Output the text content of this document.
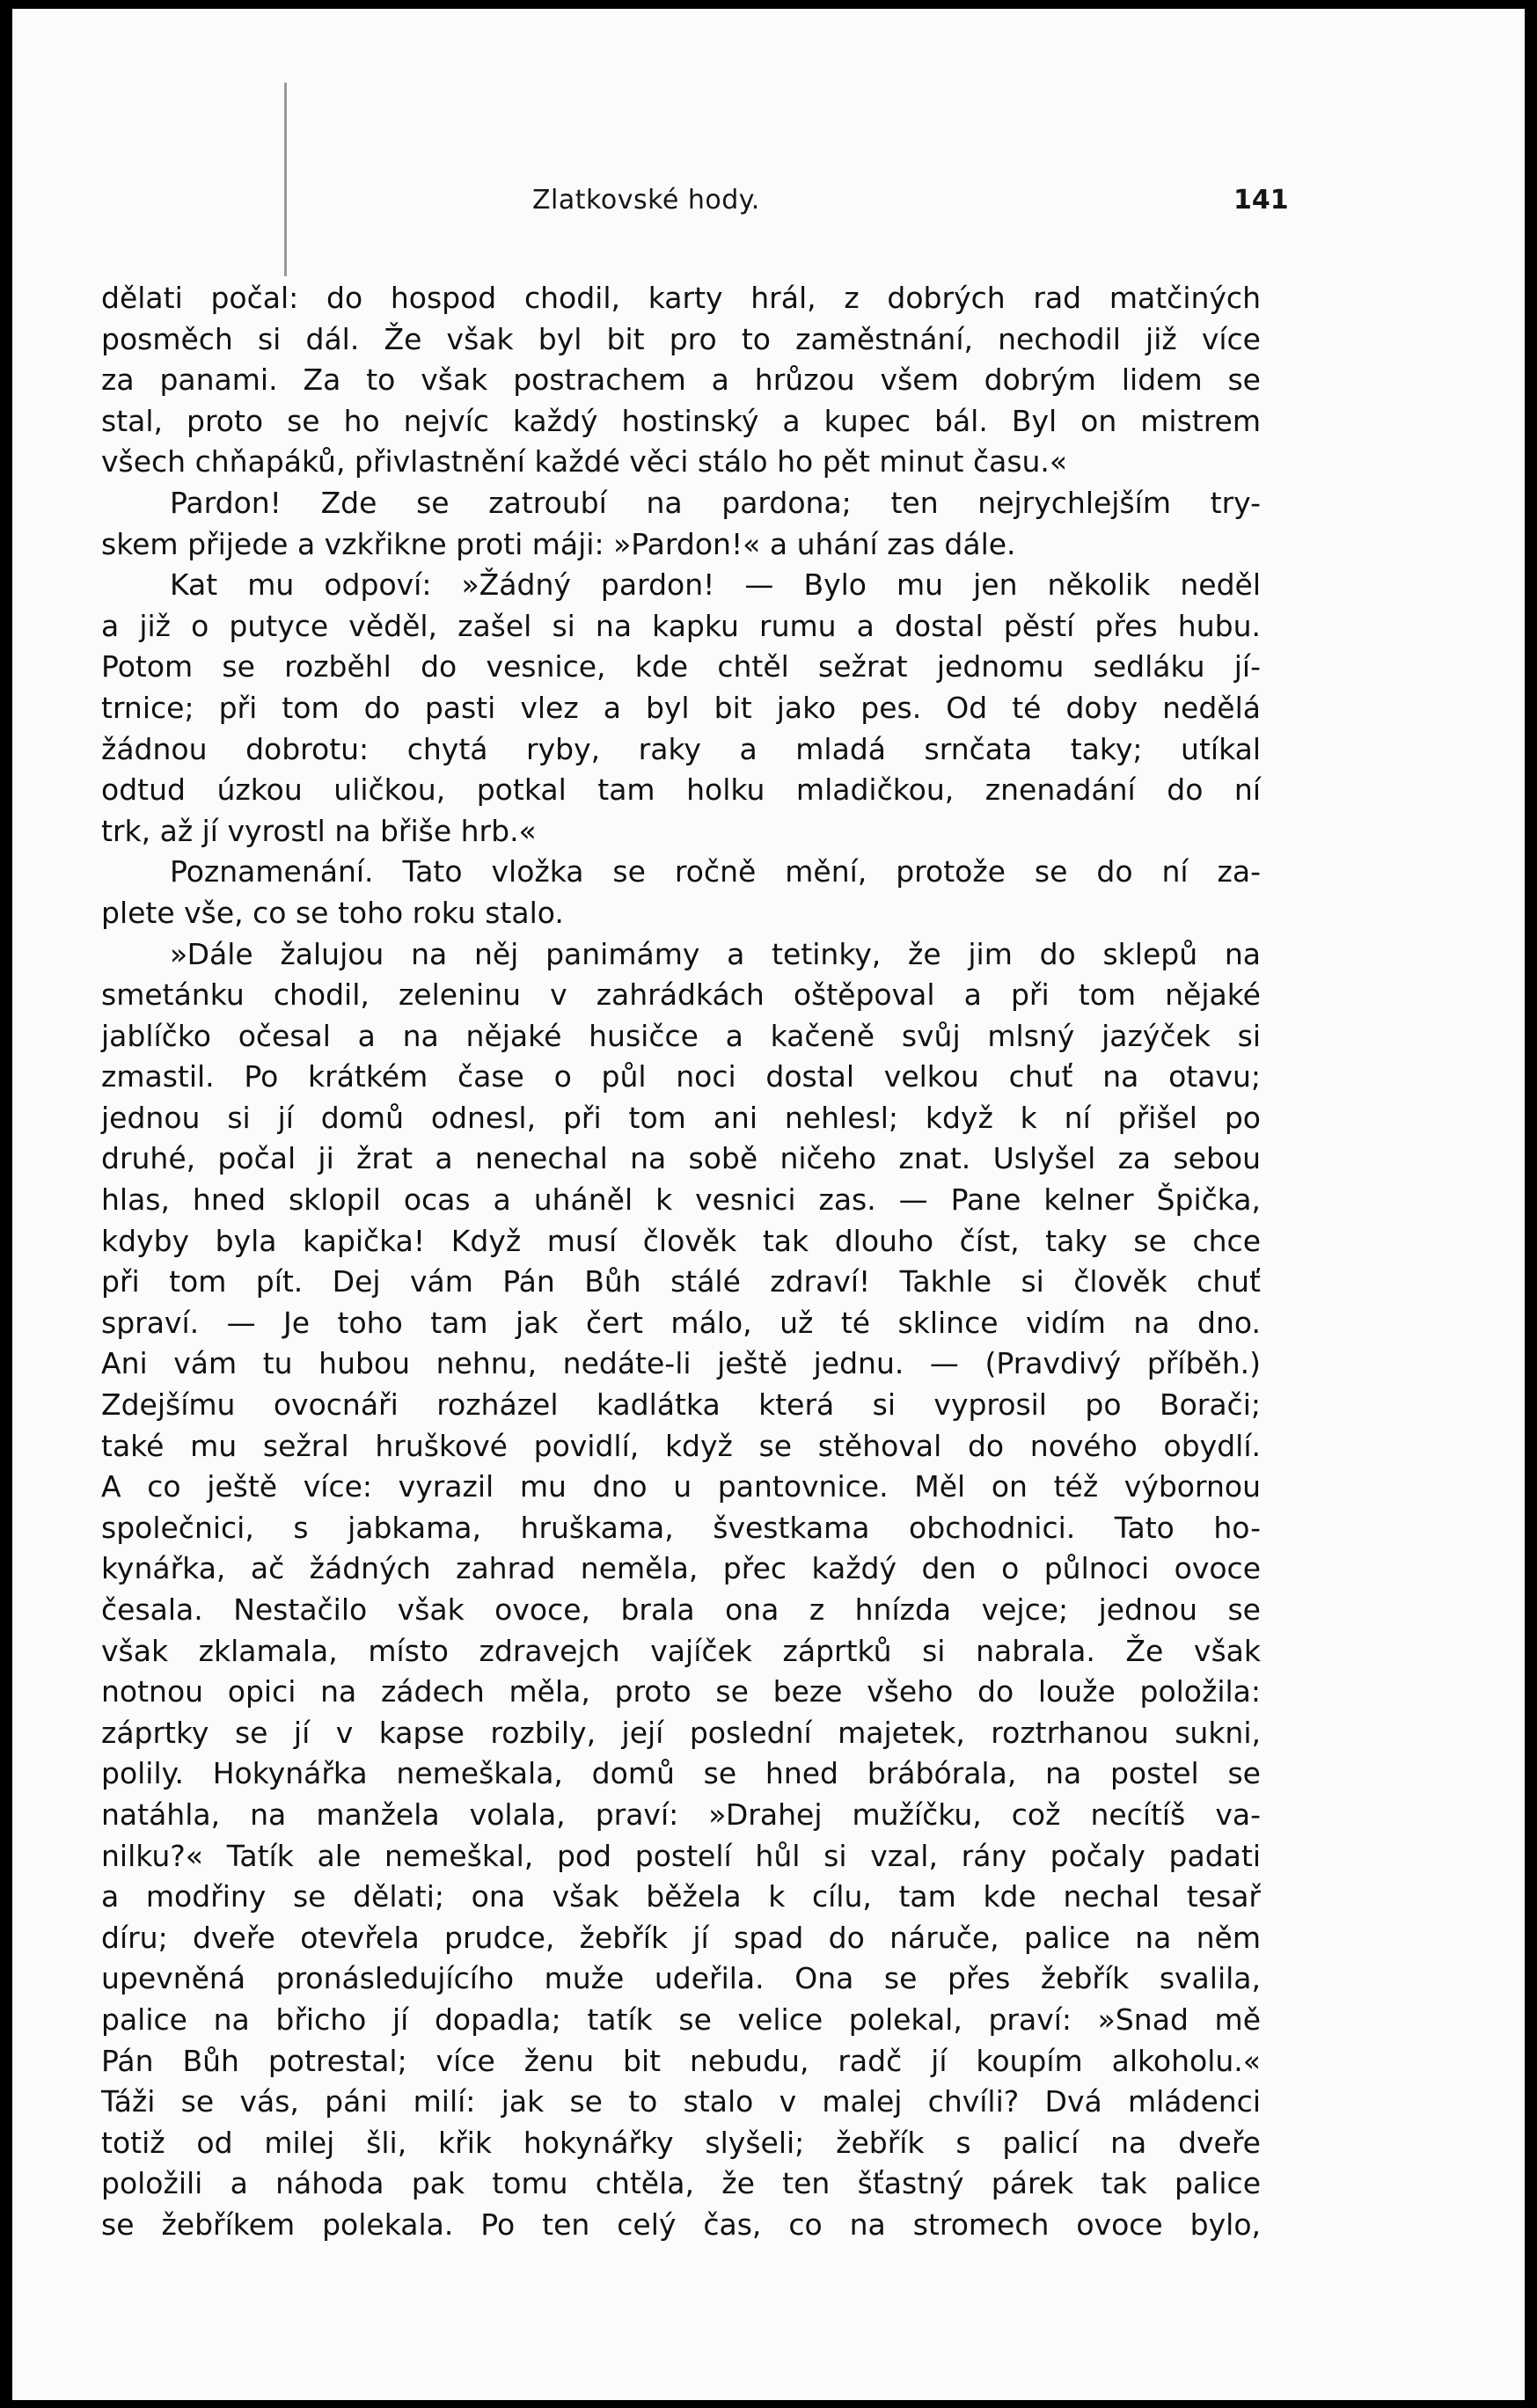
Zlatkovské hody.	141
dělati počal: do hospod chodil, karty hrál, z dobrých rad matčiných
posměch si dál. Že však byl bit pro to zaměstnání, nechodil již více
za panami. Za to však postrachem a hrůzou všem dobrým lidem se
stal, proto se ho nejvíc každý hostinský a kupec bál. Byl on mistrem
všech chňapáků, přivlastnění každé věci stálo ho pět minut času.«
Pardon! Zde se zatroubí na pardona; ten nejrychlejším try-
skem přijede a vzkřikne proti máji: »Pardon!« a uhání zas dále.
Kat mu odpoví: »Žádný pardon! — Bylo mu jen několik neděl
a již o putyce věděl, zašel si na kapku rumu a dostal pěstí přes hubu.
Potom se rozběhl do vesnice, kde chtěl sežrat jednomu sedláku jí-
trnice; při tom do pasti vlez a byl bit jako pes. Od té doby nedělá
žádnou dobrotu: chytá ryby, raky a mladá srnčata taky; utíkal
odtud úzkou uličkou, potkal tam holku mladičkou, znenadání do ní
trk, až jí vyrostl na břiše hrb.«
Poznamenání. Tato vložka se ročně mění, protože se do ní za-
plete vše, co se toho roku stalo.
»Dále žalujou na něj panimámy a tetinky, že jim do sklepů na
smetánku chodil, zeleninu v zahrádkách oštěpoval a při tom nějaké
jablíčko očesal a na nějaké husičce a kačeně svůj mlsný jazýček si
zmastil. Po krátkém čase o půl noci dostal velkou chuť na otavu;
jednou si jí domů odnesl, při tom ani nehlesl; když k ní přišel po
druhé, počal ji žrat a nenechal na sobě ničeho znat. Uslyšel za sebou
hlas, hned sklopil ocas a uháněl k vesnici zas. — Pane kelner Špička,
kdyby byla kapička! Když musí člověk tak dlouho číst, taky se chce
při tom pít. Dej vám Pán Bůh stálé zdraví! Takhle si člověk chuť
spraví. — Je toho tam jak čert málo, už té sklince vidím na dno.
Ani vám tu hubou nehnu, nedáte-li ještě jednu. — (Pravdivý příběh.)
Zdejšímu ovocnáři rozházel kadlátka která si vyprosil po Borači;
také mu sežral hruškové povidlí, když se stěhoval do nového obydlí.
A co ještě více: vyrazil mu dno u pantovnice. Měl on též výbornou
společnici, s jabkama, hruškama, švestkama obchodnici. Tato ho-
kynářka, ač žádných zahrad neměla, přec každý den o půlnoci ovoce
česala. Nestačilo však ovoce, brala ona z hnízda vejce; jednou se
však zklamala, místo zdravejch vajíček záprtků si nabrala. Že však
notnou opici na zádech měla, proto se beze všeho do louže položila:
záprtky se jí v kapse rozbily, její poslední majetek, roztrhanou sukni,
polily. Hokynářka nemeškala, domů se hned brábórala, na postel se
natáhla, na manžela volala, praví: »Drahej mužíčku, což necítíš va-
nilku?« Tatík ale nemeškal, pod postelí hůl si vzal, rány počaly padati
a modřiny se dělati; ona však běžela k cílu, tam kde nechal tesař
díru; dveře otevřela prudce, žebřík jí spad do náruče, palice na něm
upevněná pronásledujícího muže udeřila. Ona se přes žebřík svalila,
palice na břicho jí dopadla; tatík se velice polekal, praví: »Snad mě
Pán Bůh potrestal; více ženu bit nebudu, radč jí koupím alkoholu.«
Táži se vás, páni milí: jak se to stalo v malej chvíli? Dvá mládenci
totiž od milej šli, křik hokynářky slyšeli; žebřík s palicí na dveře
položili a náhoda pak tomu chtěla, že ten šťastný párek tak palice
se žebříkem polekala. Po ten celý čas, co na stromech ovoce bylo,
